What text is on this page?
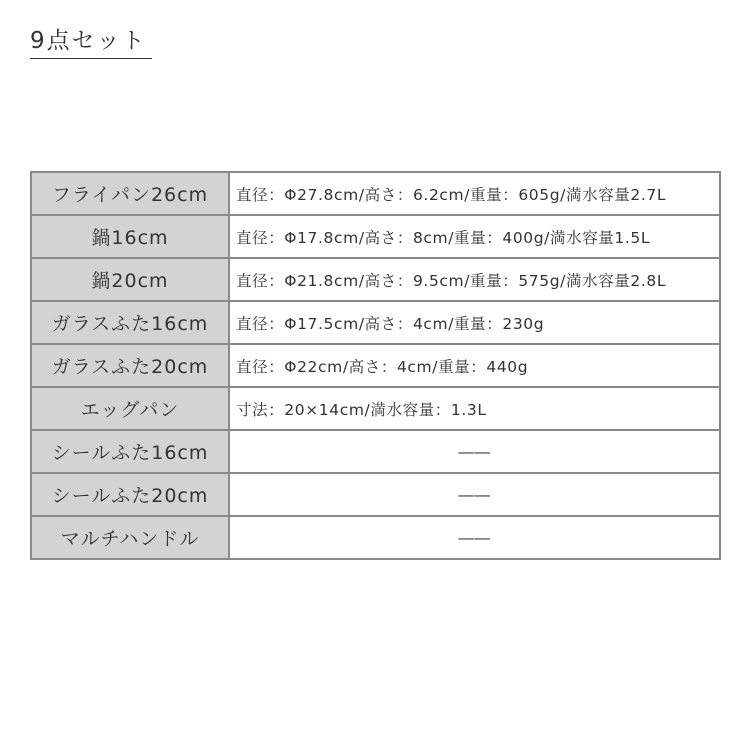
9点セット
フライパン26cm	直径：Φ27.8cm/高さ：6.2cm/重量：605g/満水容量2.7L
鍋16cm	直径：Φ17.8cm/高さ：8cm/重量：400g/満水容量1.5L
鍋20cm	直径：Φ21.8cm/高さ：9.5cm/重量：575g/満水容量2.8L
ガラスふた16cm	直径：Φ17.5cm/高さ：4cm/重量：230g
ガラスふた20cm	直径：Φ22cm/高さ：4cm/重量：440g
エッグパン	寸法：20×14cm/満水容量：1.3L
シールふた16cm	――
シールふた20cm	――
マルチハンドル	――
